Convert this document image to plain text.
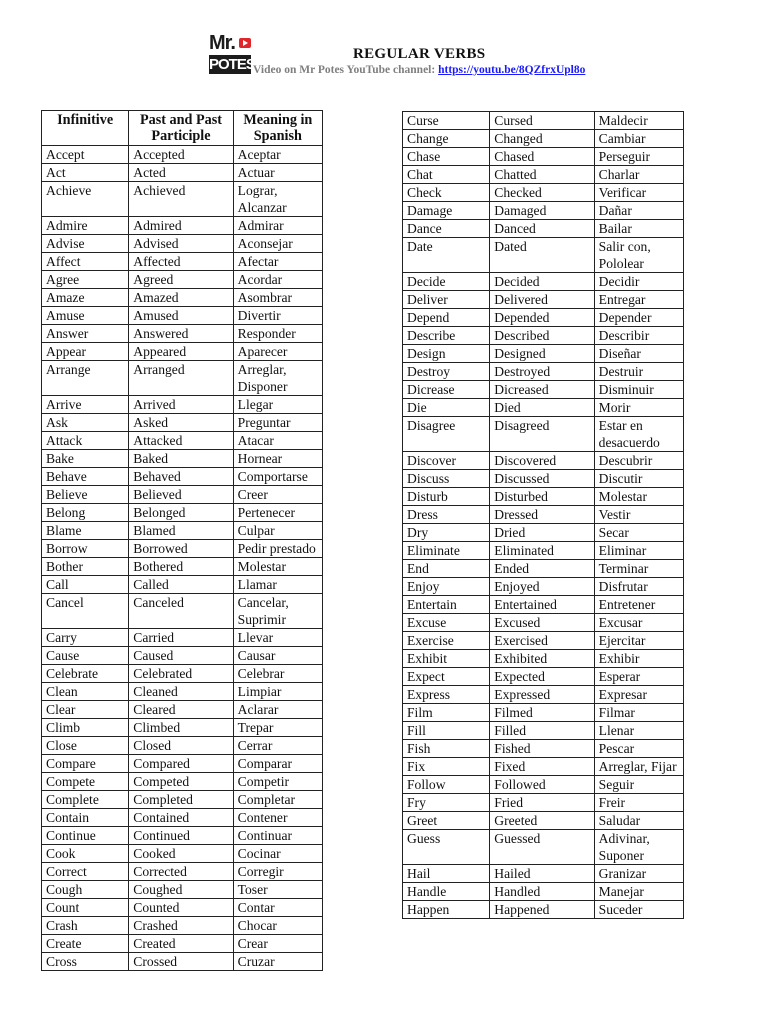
Mr.
POTES
REGULAR VERBS
Video on Mr Potes YouTube channel: https://youtu.be/8QZfrxUpl8o
Infinitive	Past and Past Participle	Meaning in Spanish
Accept	Accepted	Aceptar
Act	Acted	Actuar
Achieve	Achieved	Lograr, Alcanzar
Admire	Admired	Admirar
Advise	Advised	Aconsejar
Affect	Affected	Afectar
Agree	Agreed	Acordar
Amaze	Amazed	Asombrar
Amuse	Amused	Divertir
Answer	Answered	Responder
Appear	Appeared	Aparecer
Arrange	Arranged	Arreglar, Disponer
Arrive	Arrived	Llegar
Ask	Asked	Preguntar
Attack	Attacked	Atacar
Bake	Baked	Hornear
Behave	Behaved	Comportarse
Believe	Believed	Creer
Belong	Belonged	Pertenecer
Blame	Blamed	Culpar
Borrow	Borrowed	Pedir prestado
Bother	Bothered	Molestar
Call	Called	Llamar
Cancel	Canceled	Cancelar, Suprimir
Carry	Carried	Llevar
Cause	Caused	Causar
Celebrate	Celebrated	Celebrar
Clean	Cleaned	Limpiar
Clear	Cleared	Aclarar
Climb	Climbed	Trepar
Close	Closed	Cerrar
Compare	Compared	Comparar
Compete	Competed	Competir
Complete	Completed	Completar
Contain	Contained	Contener
Continue	Continued	Continuar
Cook	Cooked	Cocinar
Correct	Corrected	Corregir
Cough	Coughed	Toser
Count	Counted	Contar
Crash	Crashed	Chocar
Create	Created	Crear
Cross	Crossed	Cruzar
Curse	Cursed	Maldecir
Change	Changed	Cambiar
Chase	Chased	Perseguir
Chat	Chatted	Charlar
Check	Checked	Verificar
Damage	Damaged	Dañar
Dance	Danced	Bailar
Date	Dated	Salir con, Pololear
Decide	Decided	Decidir
Deliver	Delivered	Entregar
Depend	Depended	Depender
Describe	Described	Describir
Design	Designed	Diseñar
Destroy	Destroyed	Destruir
Dicrease	Dicreased	Disminuir
Die	Died	Morir
Disagree	Disagreed	Estar en desacuerdo
Discover	Discovered	Descubrir
Discuss	Discussed	Discutir
Disturb	Disturbed	Molestar
Dress	Dressed	Vestir
Dry	Dried	Secar
Eliminate	Eliminated	Eliminar
End	Ended	Terminar
Enjoy	Enjoyed	Disfrutar
Entertain	Entertained	Entretener
Excuse	Excused	Excusar
Exercise	Exercised	Ejercitar
Exhibit	Exhibited	Exhibir
Expect	Expected	Esperar
Express	Expressed	Expresar
Film	Filmed	Filmar
Fill	Filled	Llenar
Fish	Fished	Pescar
Fix	Fixed	Arreglar, Fijar
Follow	Followed	Seguir
Fry	Fried	Freir
Greet	Greeted	Saludar
Guess	Guessed	Adivinar, Suponer
Hail	Hailed	Granizar
Handle	Handled	Manejar
Happen	Happened	Suceder
